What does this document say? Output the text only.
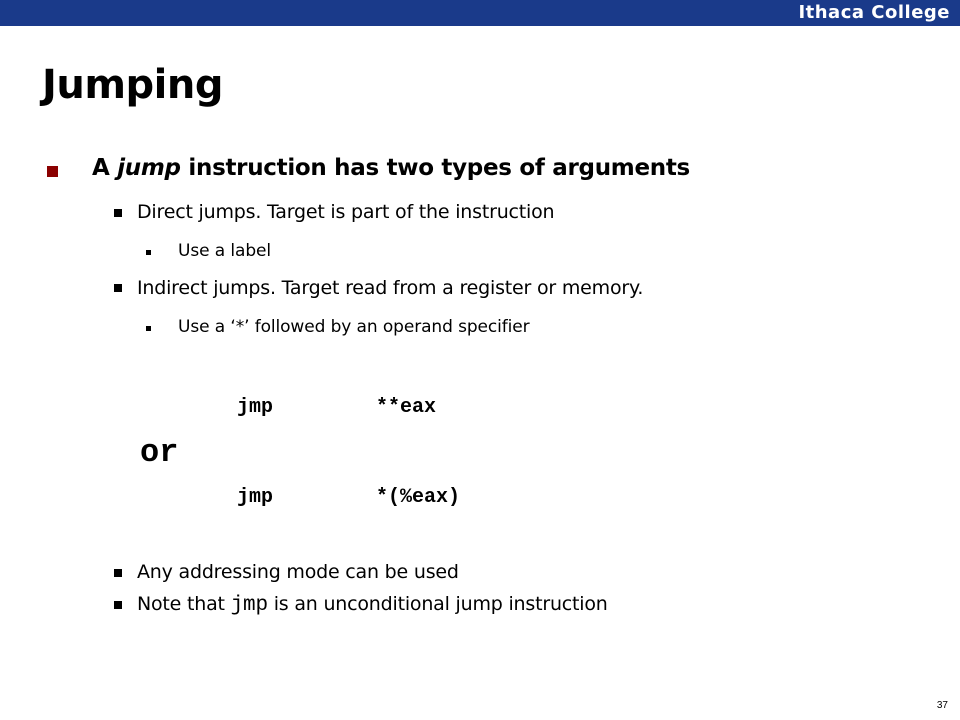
Ithaca College
Jumping
A jump instruction has two types of arguments
Direct jumps. Target is part of the instruction
Use a label
Indirect jumps. Target read from a register or memory.
Use a ‘*’ followed by an operand specifier
jmp	**eax
or
jmp	*(%eax)
Any addressing mode can be used
Note that jmp is an unconditional jump instruction
37
